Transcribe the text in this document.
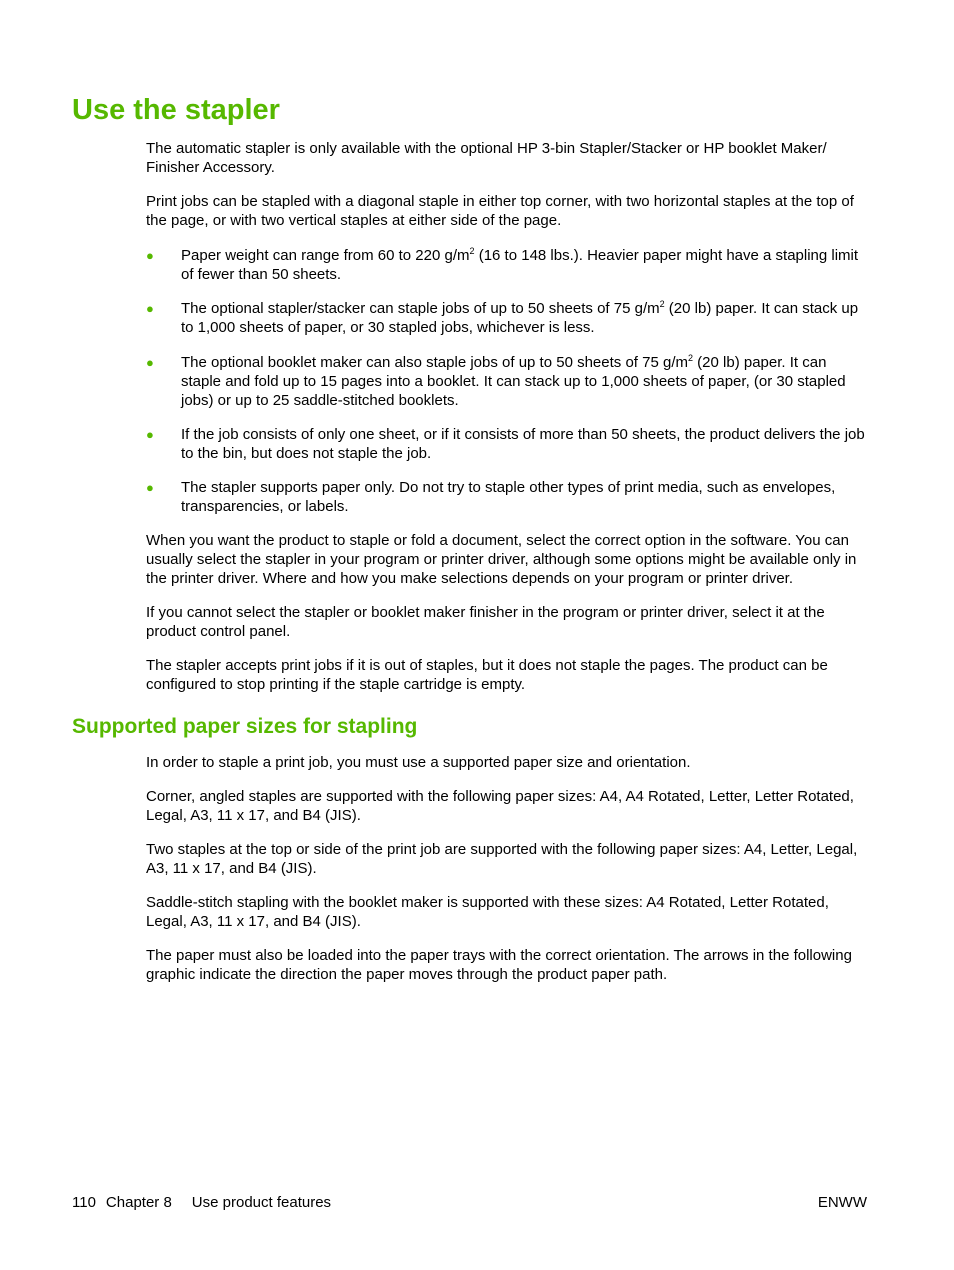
Use the stapler

The automatic stapler is only available with the optional HP 3-bin Stapler/Stacker or HP booklet Maker/ Finisher Accessory.

Print jobs can be stapled with a diagonal staple in either top corner, with two horizontal staples at the top of the page, or with two vertical staples at either side of the page.

● Paper weight can range from 60 to 220 $g/m^2$ (16 to 148 lbs.). Heavier paper might have a stapling limit of fewer than 50 sheets.
● The optional stapler/stacker can staple jobs of up to 50 sheets of 75 $g/m^2$ (20 lb) paper. It can stack up to 1,000 sheets of paper, or 30 stapled jobs, whichever is less.
● The optional booklet maker can also staple jobs of up to 50 sheets of 75 $g/m^2$ (20 lb) paper. It can staple and fold up to 15 pages into a booklet. It can stack up to 1,000 sheets of paper, (or 30 stapled jobs) or up to 25 saddle-stitched booklets.
● If the job consists of only one sheet, or if it consists of more than 50 sheets, the product delivers the job to the bin, but does not staple the job.
● The stapler supports paper only. Do not try to staple other types of print media, such as envelopes, transparencies, or labels.

When you want the product to staple or fold a document, select the correct option in the software. You can usually select the stapler in your program or printer driver, although some options might be available only in the printer driver. Where and how you make selections depends on your program or printer driver.

If you cannot select the stapler or booklet maker finisher in the program or printer driver, select it at the product control panel.

The stapler accepts print jobs if it is out of staples, but it does not staple the pages. The product can be configured to stop printing if the staple cartridge is empty.

Supported paper sizes for stapling

In order to staple a print job, you must use a supported paper size and orientation.

Corner, angled staples are supported with the following paper sizes: A4, A4 Rotated, Letter, Letter Rotated, Legal, A3, 11 x 17, and B4 (JIS).

Two staples at the top or side of the print job are supported with the following paper sizes: A4, Letter, Legal, A3, 11 x 17, and B4 (JIS).

Saddle-stitch stapling with the booklet maker is supported with these sizes: A4 Rotated, Letter Rotated, Legal, A3, 11 x 17, and B4 (JIS).

The paper must also be loaded into the paper trays with the correct orientation. The arrows in the following graphic indicate the direction the paper moves through the product paper path.

110 Chapter 8 Use product features	ENWW
